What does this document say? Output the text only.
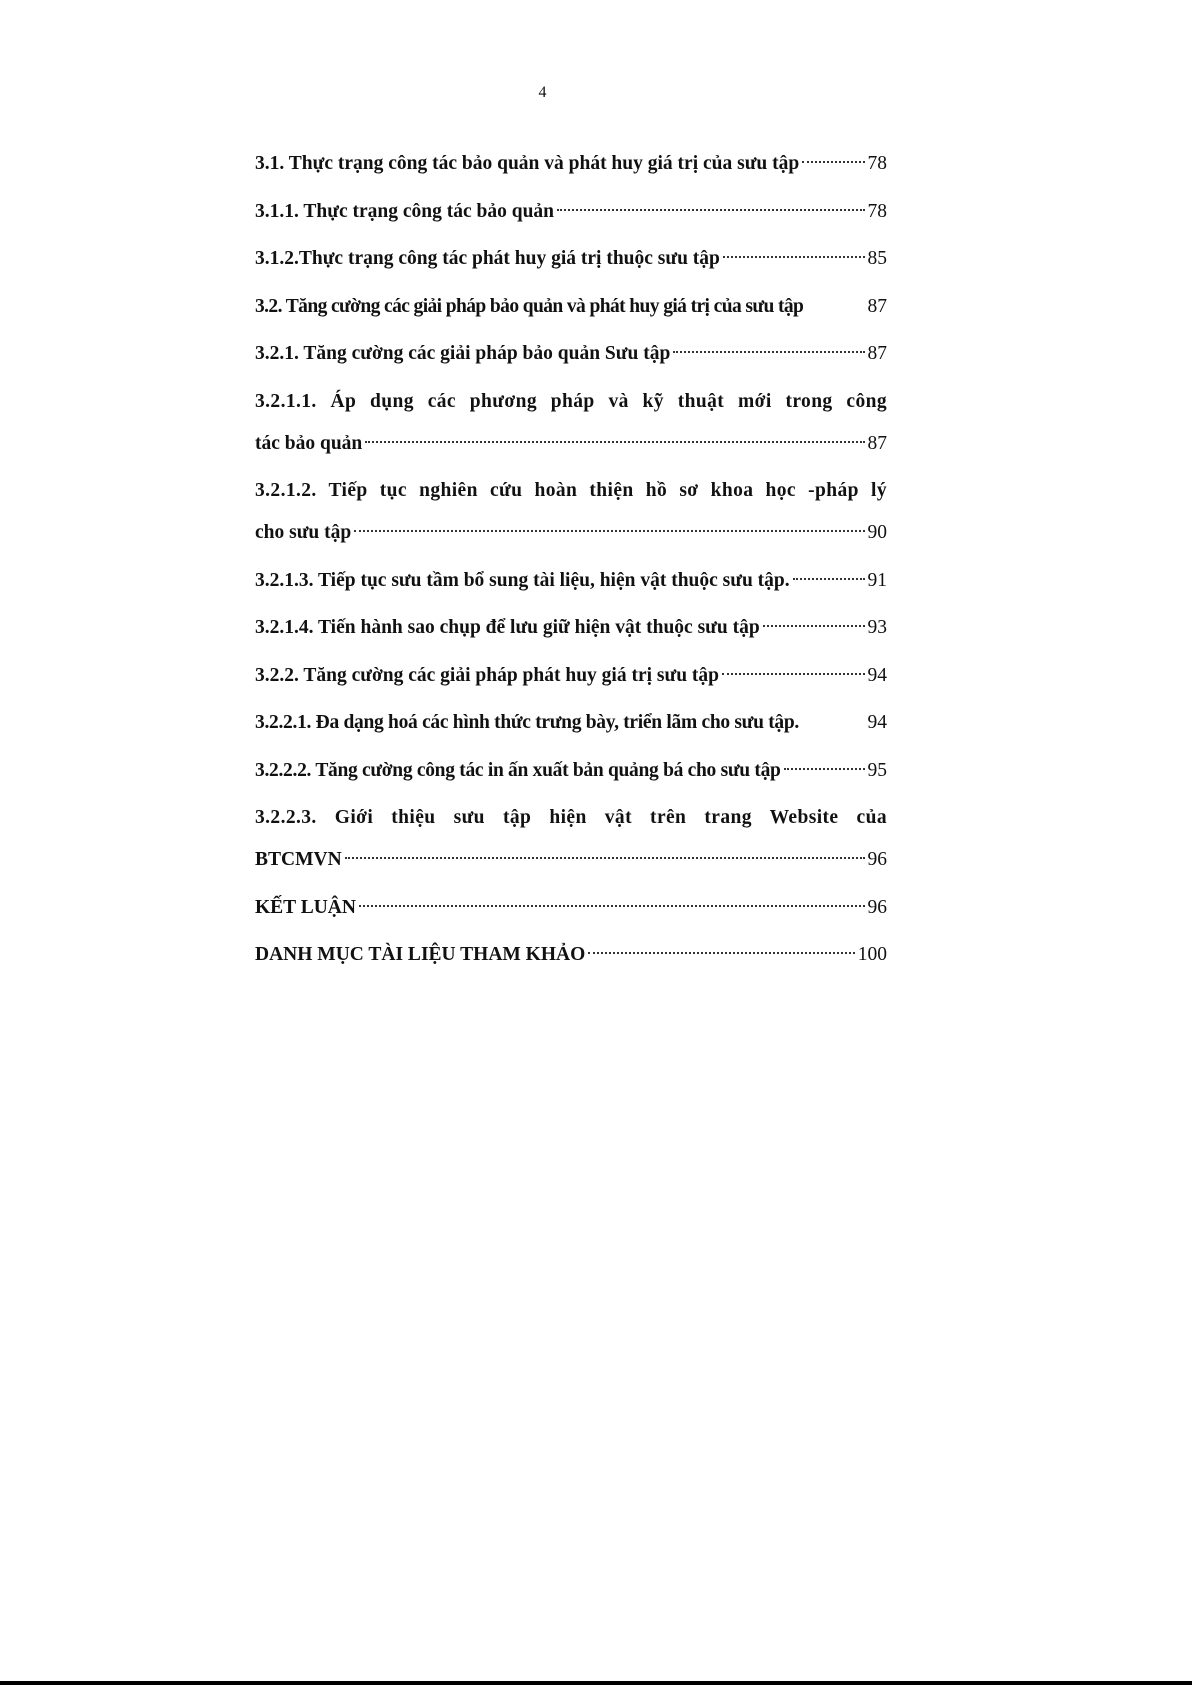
4
3.1. Thực trạng công tác bảo quản và phát huy giá trị của sưu tập	78
3.1.1. Thực trạng công tác bảo quản	78
3.1.2.Thực trạng công tác phát huy giá trị thuộc sưu tập	85
3.2. Tăng cường các giải pháp bảo quản và phát huy giá trị của sưu tập	87
3.2.1. Tăng cường các giải pháp bảo quản Sưu tập	87
3.2.1.1. Áp dụng các phương pháp và kỹ thuật mới trong công
tác bảo quản	87
3.2.1.2. Tiếp tục nghiên cứu hoàn thiện hồ sơ khoa học -pháp lý
cho sưu tập	90
3.2.1.3. Tiếp tục sưu tầm bổ sung tài liệu, hiện vật thuộc sưu tập.	91
3.2.1.4. Tiến hành sao chụp để lưu giữ hiện vật thuộc sưu tập	93
3.2.2. Tăng cường các giải pháp phát huy giá trị sưu tập	94
3.2.2.1. Đa dạng hoá các hình thức trưng bày, triển lãm cho sưu tập.	94
3.2.2.2. Tăng cường công tác in ấn xuất bản quảng bá cho sưu tập	95
3.2.2.3. Giới thiệu sưu tập hiện vật trên trang Website của
BTCMVN	96
KẾT LUẬN	96
DANH MỤC TÀI LIỆU THAM KHẢO	100
